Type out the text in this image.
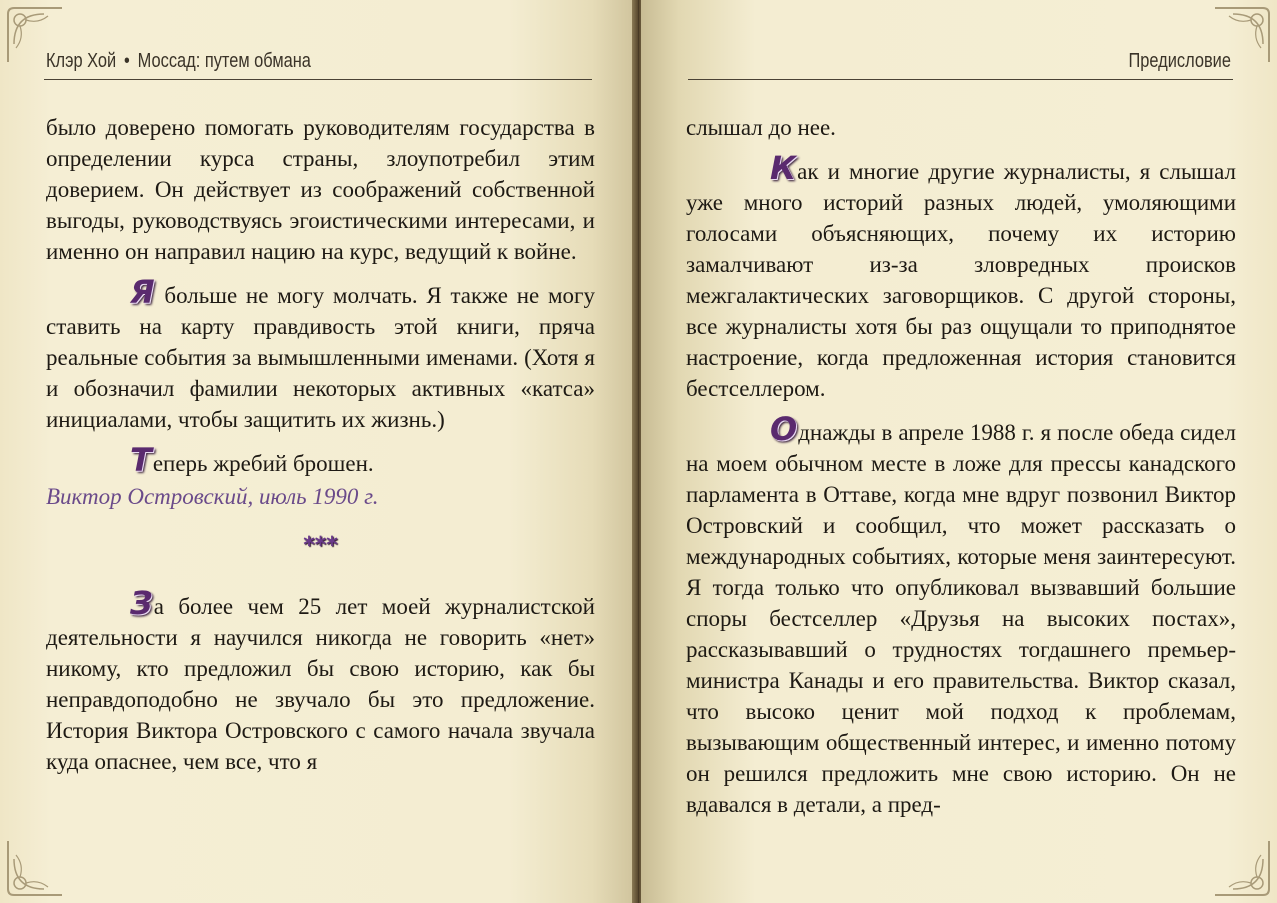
Клэр Хой • Моссад: путем обмана

было доверено помогать руководителям государства в определении курса страны, злоупотребил этим доверием. Он действует из соображений собственной выгоды, руководствуясь эгоистическими интересами, и именно он направил нацию на курс, ведущий к войне.

Я больше не могу молчать. Я также не могу ставить на карту правдивость этой книги, пряча реальные события за вымышленными именами. (Хотя я и обозначил фамилии некоторых активных «катса» инициалами, чтобы защитить их жизнь.)

Теперь жребий брошен.

Виктор Островский, июль 1990 г.

***

За более чем 25 лет моей журналистской деятельности я научился никогда не говорить «нет» никому, кто предложил бы свою историю, как бы неправдоподобно не звучало бы это предложение. История Виктора Островского с самого начала звучала куда опаснее, чем все, что я

Предисловие

слышал до нее.

Как и многие другие журналисты, я слышал уже много историй разных людей, умоляющими голосами объясняющих, почему их историю замалчивают из-за зловредных происков межгалактических заговорщиков. С другой стороны, все журналисты хотя бы раз ощущали то приподнятое настроение, когда предложенная история становится бестселлером.

Однажды в апреле 1988 г. я после обеда сидел на моем обычном месте в ложе для прессы канадского парламента в Оттаве, когда мне вдруг позвонил Виктор Островский и сообщил, что может рассказать о международных событиях, которые меня заинтересуют. Я тогда только что опубликовал вызвавший большие споры бестселлер «Друзья на высоких постах», рассказывавший о трудностях тогдашнего премьер-министра Канады и его правительства. Виктор сказал, что высоко ценит мой подход к проблемам, вызывающим общественный интерес, и именно потому он решился предложить мне свою историю. Он не вдавался в детали, а пред-
